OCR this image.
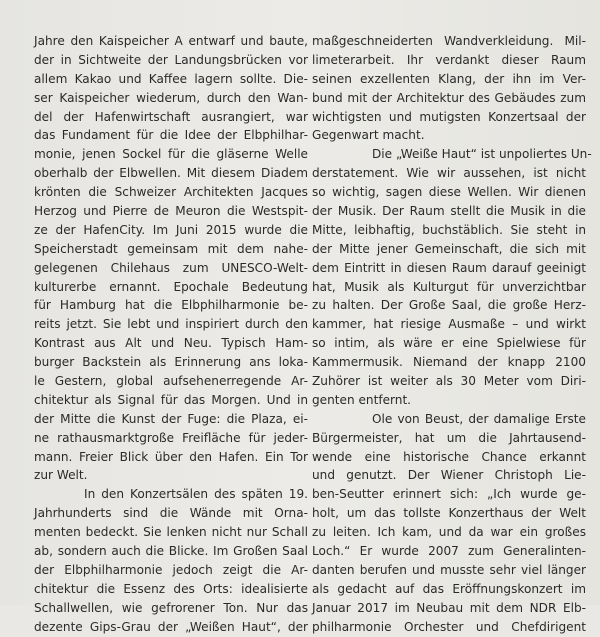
Jahre den Kaispeicher A entwarf und baute,
der in Sichtweite der Landungsbrücken vor
allem Kakao und Kaffee lagern sollte. Die-
ser Kaispeicher wiederum, durch den Wan-
del der Hafenwirtschaft ausrangiert, war
das Fundament für die Idee der Elbphilhar-
monie, jenen Sockel für die gläserne Welle
oberhalb der Elbwellen. Mit diesem Diadem
krönten die Schweizer Architekten Jacques
Herzog und Pierre de Meuron die Westspit-
ze der HafenCity. Im Juni 2015 wurde die
Speicherstadt gemeinsam mit dem nahe-
gelegenen Chilehaus zum UNESCO-Welt-
kulturerbe ernannt. Epochale Bedeutung
für Hamburg hat die Elbphilharmonie be-
reits jetzt. Sie lebt und inspiriert durch den
Kontrast aus Alt und Neu. Typisch Ham-
burger Backstein als Erinnerung ans loka-
le Gestern, global aufsehenerregende Ar-
chitektur als Signal für das Morgen. Und in
der Mitte die Kunst der Fuge: die Plaza, ei-
ne rathausmarktgroße Freifläche für jeder-
mann. Freier Blick über den Hafen. Ein Tor
zur Welt.
In den Konzertsälen des späten 19.
Jahrhunderts sind die Wände mit Orna-
menten bedeckt. Sie lenken nicht nur Schall
ab, sondern auch die Blicke. Im Großen Saal
der Elbphilharmonie jedoch zeigt die Ar-
chitektur die Essenz des Orts: idealisierte
Schallwellen, wie gefrorener Ton. Nur das
dezente Gips-Grau der „Weißen Haut“, der
maßgeschneiderten Wandverkleidung. Mil-
limeterarbeit. Ihr verdankt dieser Raum
seinen exzellenten Klang, der ihn im Ver-
bund mit der Architektur des Gebäudes zum
wichtigsten und mutigsten Konzertsaal der
Gegenwart macht.
Die „Weiße Haut“ ist unpoliertes Un-
derstatement. Wie wir aussehen, ist nicht
so wichtig, sagen diese Wellen. Wir dienen
der Musik. Der Raum stellt die Musik in die
Mitte, leibhaftig, buchstäblich. Sie steht in
der Mitte jener Gemeinschaft, die sich mit
dem Eintritt in diesen Raum darauf geeinigt
hat, Musik als Kulturgut für unverzichtbar
zu halten. Der Große Saal, die große Herz-
kammer, hat riesige Ausmaße – und wirkt
so intim, als wäre er eine Spielwiese für
Kammermusik. Niemand der knapp 2100
Zuhörer ist weiter als 30 Meter vom Diri-
genten entfernt.
Ole von Beust, der damalige Erste
Bürgermeister, hat um die Jahrtausend-
wende eine historische Chance erkannt
und genutzt. Der Wiener Christoph Lie-
ben-Seutter erinnert sich: „Ich wurde ge-
holt, um das tollste Konzerthaus der Welt
zu leiten. Ich kam, und da war ein großes
Loch.“ Er wurde 2007 zum Generalinten-
danten berufen und musste sehr viel länger
als gedacht auf das Eröffnungskonzert im
Januar 2017 im Neubau mit dem NDR Elb-
philharmonie Orchester und Chefdirigent
